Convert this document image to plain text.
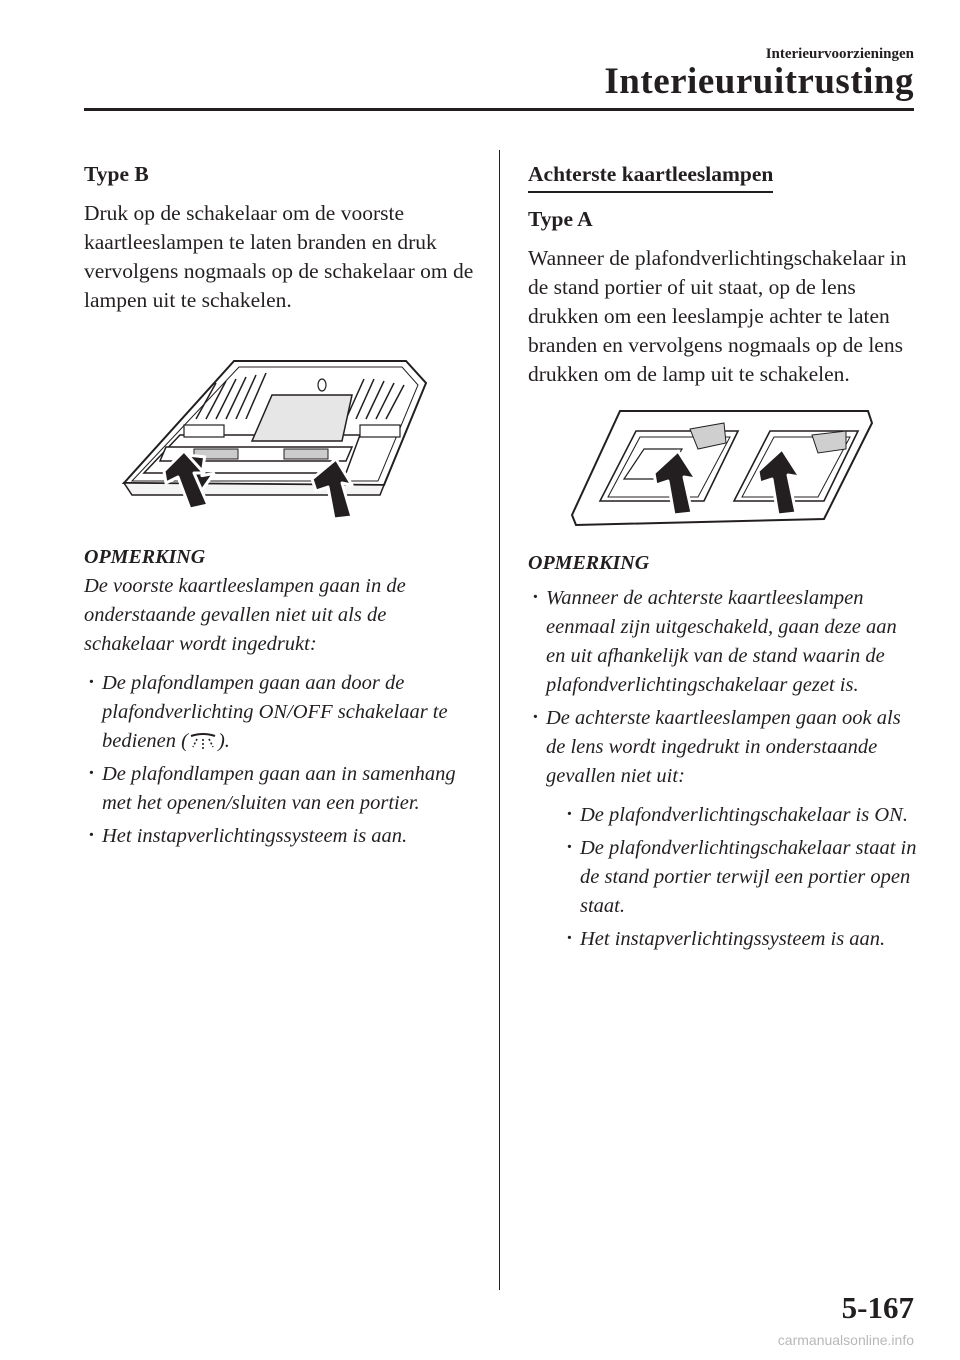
Interieurvoorzieningen
Interieuruitrusting
Type B

Druk op de schakelaar om de voorste kaartleeslampen te laten branden en druk vervolgens nogmaals op de schakelaar om de lampen uit te schakelen.

OPMERKING

De voorste kaartleeslampen gaan in de onderstaande gevallen niet uit als de schakelaar wordt ingedrukt:

· De plafondlampen gaan aan door de plafondverlichting ON/OFF schakelaar te bedienen ( ).
· De plafondlampen gaan aan in samenhang met het openen/sluiten van een portier.
· Het instapverlichtingssysteem is aan.
Achterste kaartleeslampen
Type A

Wanneer de plafondverlichtingschakelaar in de stand portier of uit staat, op de lens drukken om een leeslampje achter te laten branden en vervolgens nogmaals op de lens drukken om de lamp uit te schakelen.

OPMERKING
· Wanneer de achterste kaartleeslampen eenmaal zijn uitgeschakeld, gaan deze aan en uit afhankelijk van de stand waarin de plafondverlichtingschakelaar gezet is.
· De achterste kaartleeslampen gaan ook als de lens wordt ingedrukt in onderstaande gevallen niet uit:
· De plafondverlichtingschakelaar is ON.
· De plafondverlichtingschakelaar staat in de stand portier terwijl een portier open staat.
· Het instapverlichtingssysteem is aan.
5-167
carmanualsonline.info
